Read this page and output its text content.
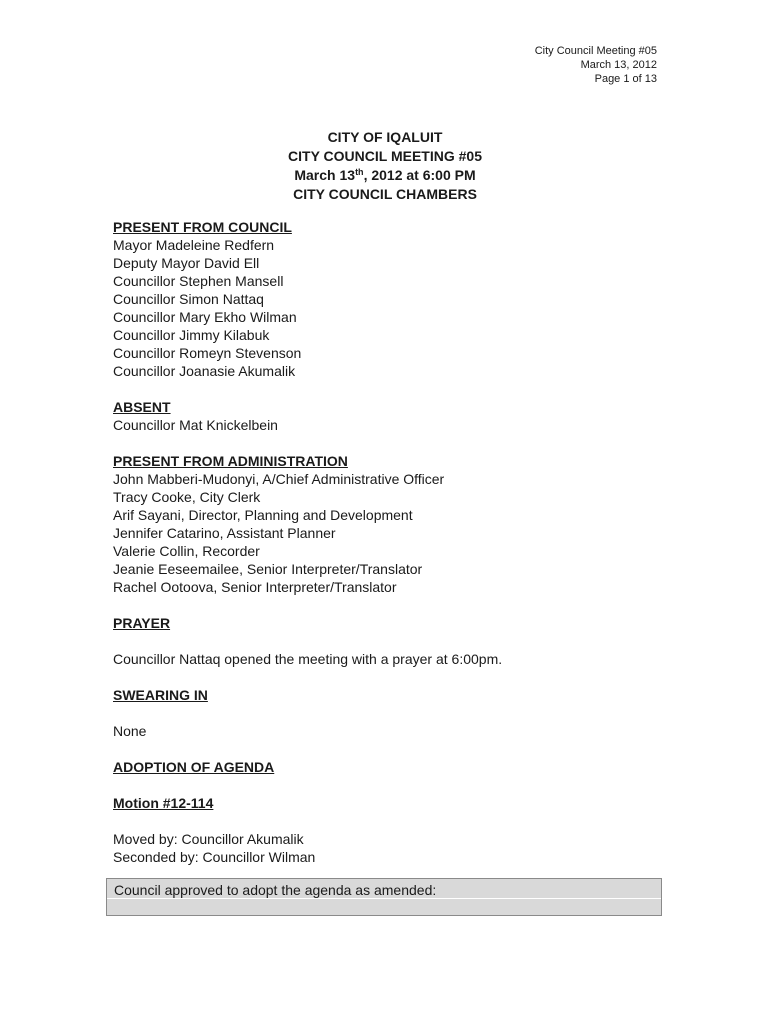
City Council Meeting #05
March 13, 2012
Page 1 of 13
CITY OF IQALUIT
CITY COUNCIL MEETING #05
March 13th, 2012 at 6:00 PM
CITY COUNCIL CHAMBERS
PRESENT FROM COUNCIL
Mayor Madeleine Redfern
Deputy Mayor David Ell
Councillor Stephen Mansell
Councillor Simon Nattaq
Councillor Mary Ekho Wilman
Councillor Jimmy Kilabuk
Councillor Romeyn Stevenson
Councillor Joanasie Akumalik
ABSENT
Councillor Mat Knickelbein
PRESENT FROM ADMINISTRATION
John Mabberi-Mudonyi, A/Chief Administrative Officer
Tracy Cooke, City Clerk
Arif Sayani, Director, Planning and Development
Jennifer Catarino, Assistant Planner
Valerie Collin, Recorder
Jeanie Eeseemailee, Senior Interpreter/Translator
Rachel Ootoova, Senior Interpreter/Translator
PRAYER
Councillor Nattaq opened the meeting with a prayer at 6:00pm.
SWEARING IN
None
ADOPTION OF AGENDA
Motion #12-114
Moved by: Councillor Akumalik
Seconded by: Councillor Wilman
Council approved to adopt the agenda as amended:
